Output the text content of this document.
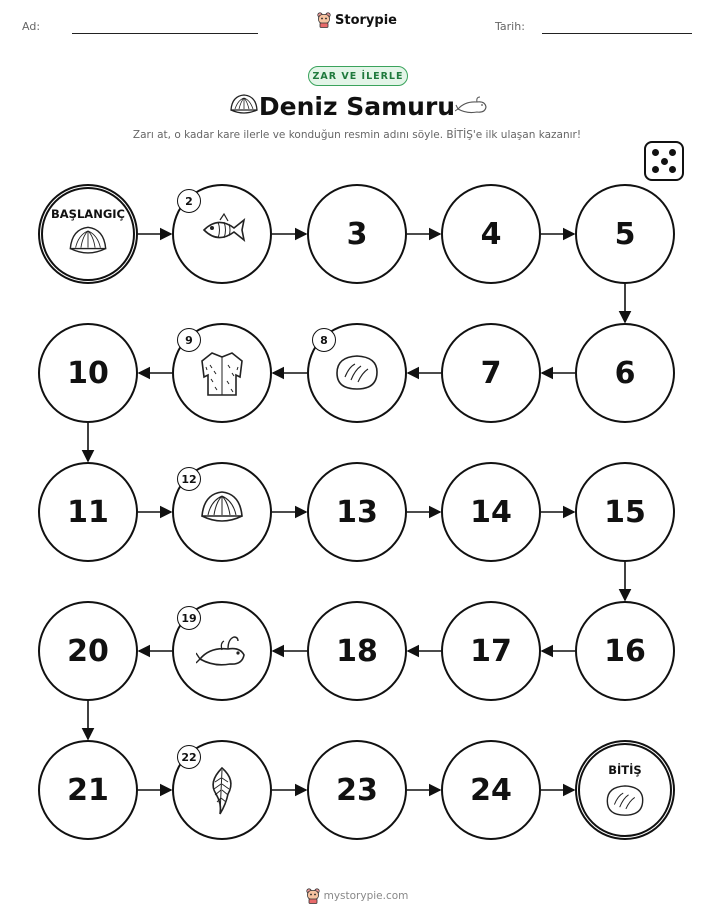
Ad:	Storypie	Tarih:
ZAR VE İLERLE
Deniz Samuru
Zarı at, o kadar kare ilerle ve konduğun resmin adını söyle. BİTİŞ'e ilk ulaşan kazanır!
BAŞLANGIÇ
2
3	4	5
10
9	8
7	6
11
12
13	14	15
20
19
18	17	16
21
22
23	24
BİTİŞ
mystorypie.com
